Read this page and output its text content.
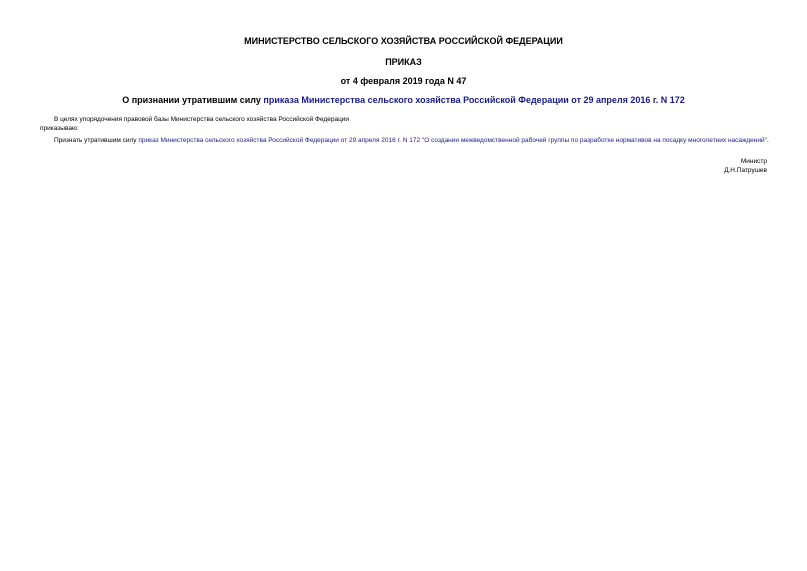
МИНИСТЕРСТВО СЕЛЬСКОГО ХОЗЯЙСТВА РОССИЙСКОЙ ФЕДЕРАЦИИ
ПРИКАЗ
от 4 февраля 2019 года N 47
О признании утратившим силу приказа Министерства сельского хозяйства Российской Федерации от 29 апреля 2016 г. N 172
В целях упорядочения правовой базы Министерства сельского хозяйства Российской Федерации
приказываю:
Признать утратившим силу приказ Министерства сельского хозяйства Российской Федерации от 29 апреля 2016 г. N 172 "О создании межведомственной рабочей группы по разработке нормативов на посадку многолетних насаждений".
Министр
Д.Н.Патрушев
